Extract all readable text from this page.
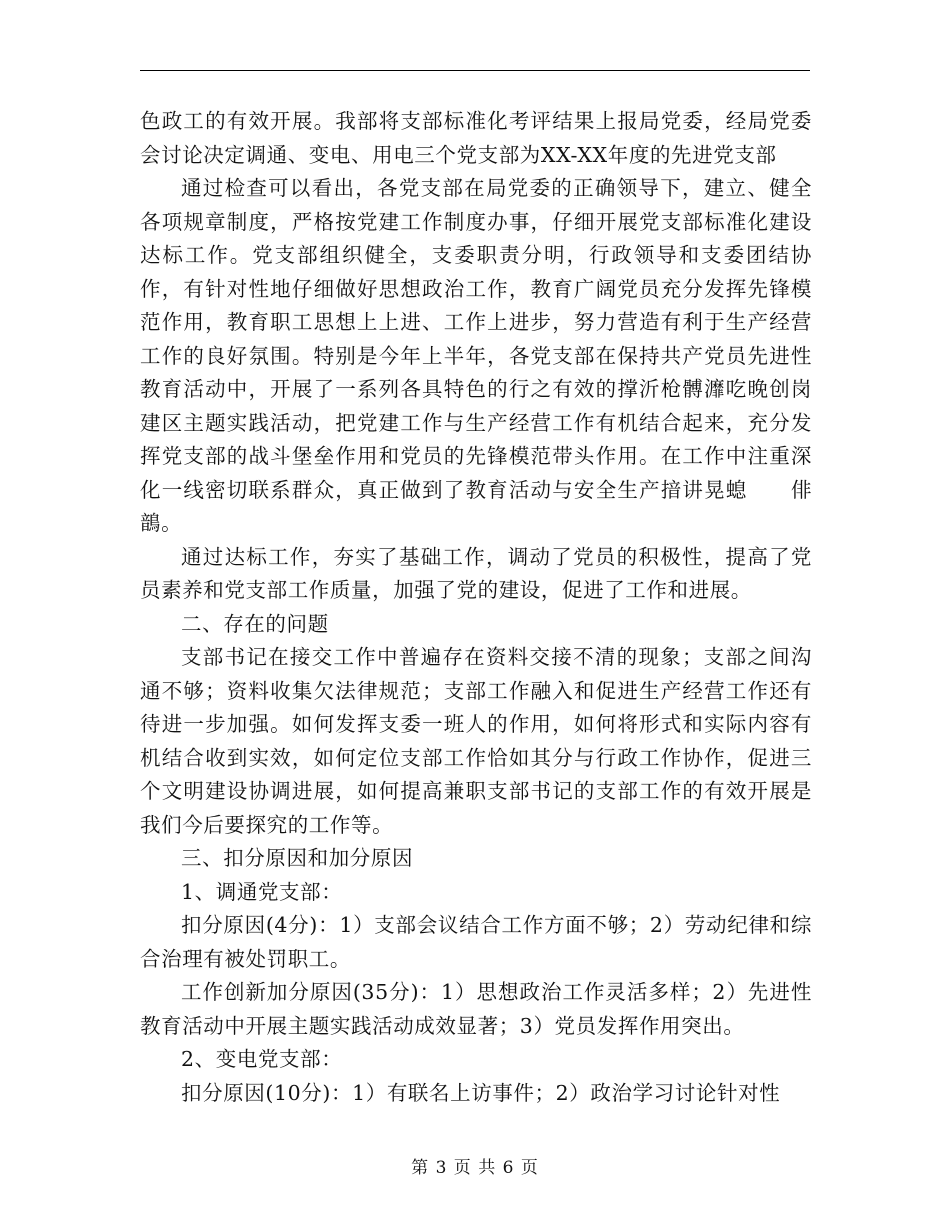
色政工的有效开展。我部将支部标准化考评结果上报局党委，经局党委会讨论决定调通、变电、用电三个党支部为XX-XX年度的先进党支部

通过检查可以看出，各党支部在局党委的正确领导下，建立、健全各项规章制度，严格按党建工作制度办事，仔细开展党支部标准化建设达标工作。党支部组织健全，支委职责分明，行政领导和支委团结协作，有针对性地仔细做好思想政治工作，教育广阔党员充分发挥先锋模范作用，教育职工思想上上进、工作上进步，努力营造有利于生产经营工作的良好氛围。特别是今年上半年，各党支部在保持共产党员先进性教育活动中，开展了一系列各具特色的行之有效的撑沂枪髆灖吃晚创岗建区主题实践活动，把党建工作与生产经营工作有机结合起来，充分发挥党支部的战斗堡垒作用和党员的先锋模范带头作用。在工作中注重深化一线密切联系群众，真正做到了教育活动与安全生产揞讲晃螅　　俳鶕。

通过达标工作，夯实了基础工作，调动了党员的积极性，提高了党员素养和党支部工作质量，加强了党的建设，促进了工作和进展。

二、存在的问题

支部书记在接交工作中普遍存在资料交接不清的现象；支部之间沟通不够；资料收集欠法律规范；支部工作融入和促进生产经营工作还有待进一步加强。如何发挥支委一班人的作用，如何将形式和实际内容有机结合收到实效，如何定位支部工作恰如其分与行政工作协作，促进三个文明建设协调进展，如何提高兼职支部书记的支部工作的有效开展是我们今后要探究的工作等。

三、扣分原因和加分原因

1、调通党支部：

扣分原因(4分)：1）支部会议结合工作方面不够；2）劳动纪律和综合治理有被处罚职工。

工作创新加分原因(35分)：1）思想政治工作灵活多样；2）先进性教育活动中开展主题实践活动成效显著；3）党员发挥作用突出。

2、变电党支部：

扣分原因(10分)：1）有联名上访事件；2）政治学习讨论针对性

第 3 页 共 6 页
